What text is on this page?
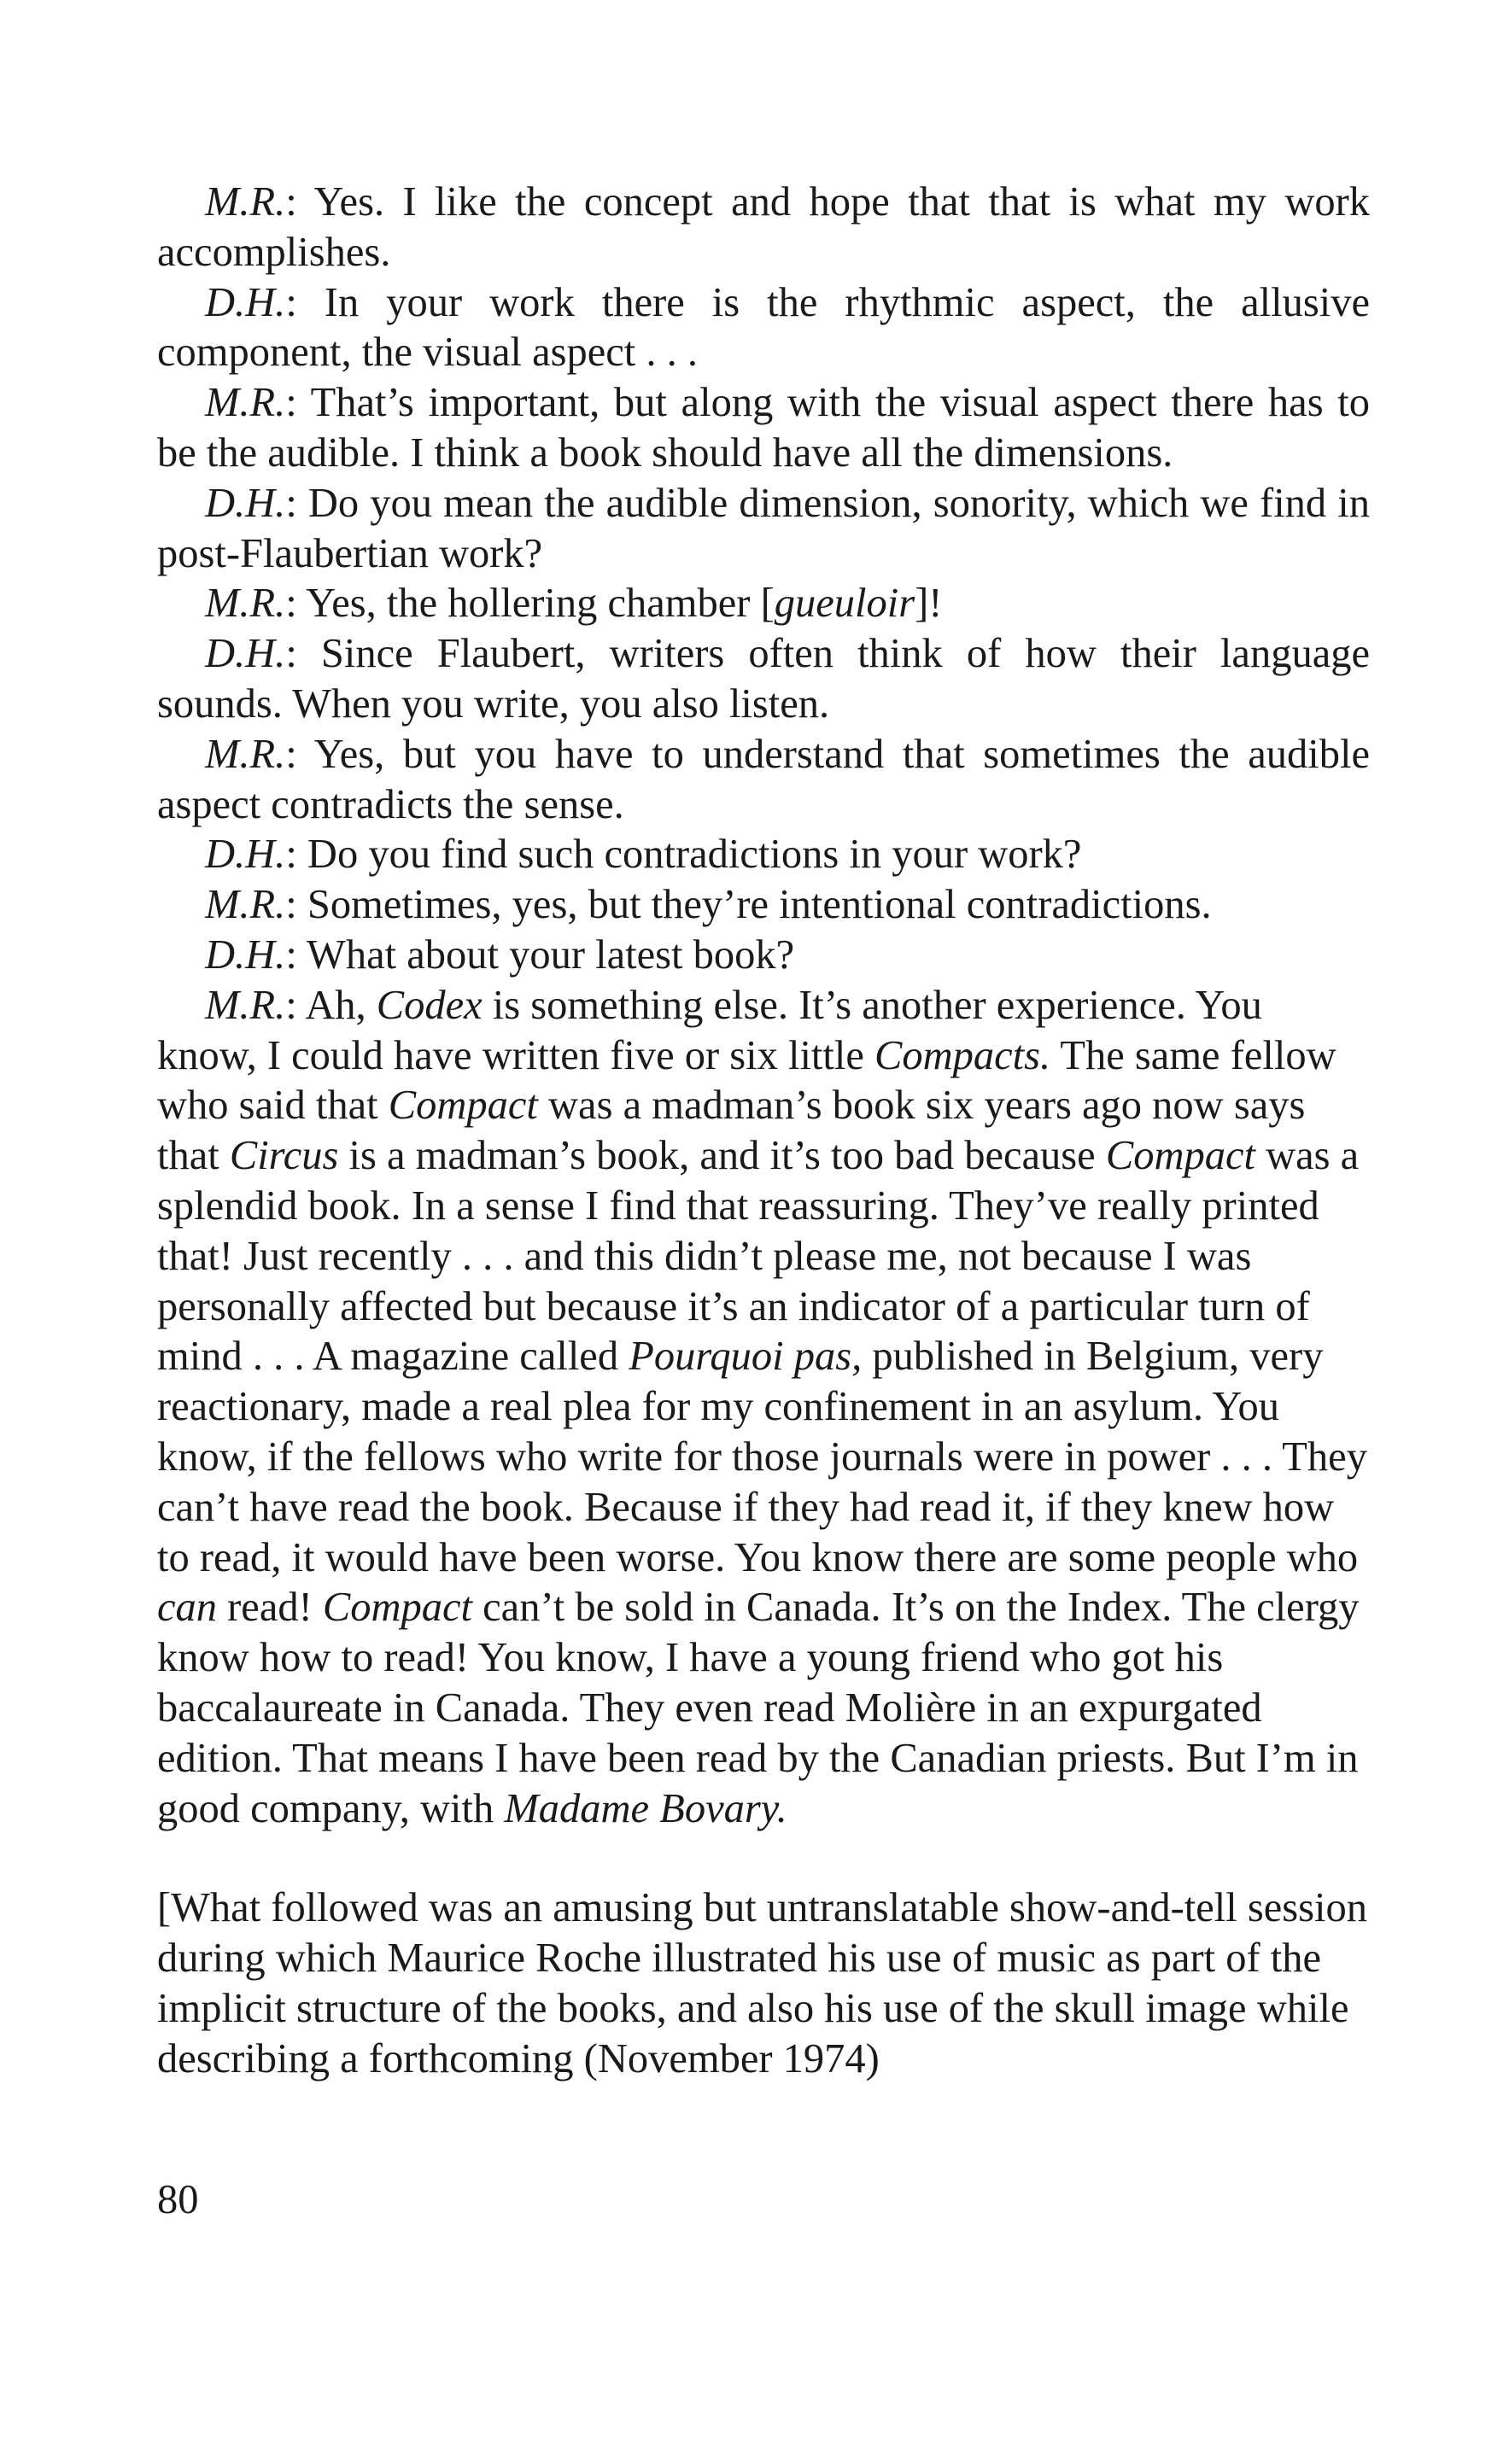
M.R.: Yes. I like the concept and hope that that is what my work accomplishes.

D.H.: In your work there is the rhythmic aspect, the allusive component, the visual aspect . . .

M.R.: That’s important, but along with the visual aspect there has to be the audible. I think a book should have all the dimensions.

D.H.: Do you mean the audible dimension, sonority, which we find in post-Flaubertian work?

M.R.: Yes, the hollering chamber [gueuloir]!

D.H.: Since Flaubert, writers often think of how their language sounds. When you write, you also listen.

M.R.: Yes, but you have to understand that sometimes the audible aspect contradicts the sense.

D.H.: Do you find such contradictions in your work?

M.R.: Sometimes, yes, but they’re intentional contradictions.

D.H.: What about your latest book?

M.R.: Ah, Codex is something else. It’s another experience. You know, I could have written five or six little Compacts. The same fellow who said that Compact was a madman’s book six years ago now says that Circus is a madman’s book, and it’s too bad because Compact was a splendid book. In a sense I find that reassuring. They’ve really printed that! Just recently . . . and this didn’t please me, not because I was personally affected but because it’s an indicator of a particular turn of mind . . . A magazine called Pourquoi pas, published in Belgium, very reactionary, made a real plea for my confinement in an asylum. You know, if the fellows who write for those journals were in power . . . They can’t have read the book. Because if they had read it, if they knew how to read, it would have been worse. You know there are some people who can read! Compact can’t be sold in Canada. It’s on the Index. The clergy know how to read! You know, I have a young friend who got his baccalaureate in Canada. They even read Molière in an expurgated edition. That means I have been read by the Canadian priests. But I’m in good company, with Madame Bovary.

[What followed was an amusing but untranslatable show-and-tell session during which Maurice Roche illustrated his use of music as part of the implicit structure of the books, and also his use of the skull image while describing a forthcoming (November 1974)

80
